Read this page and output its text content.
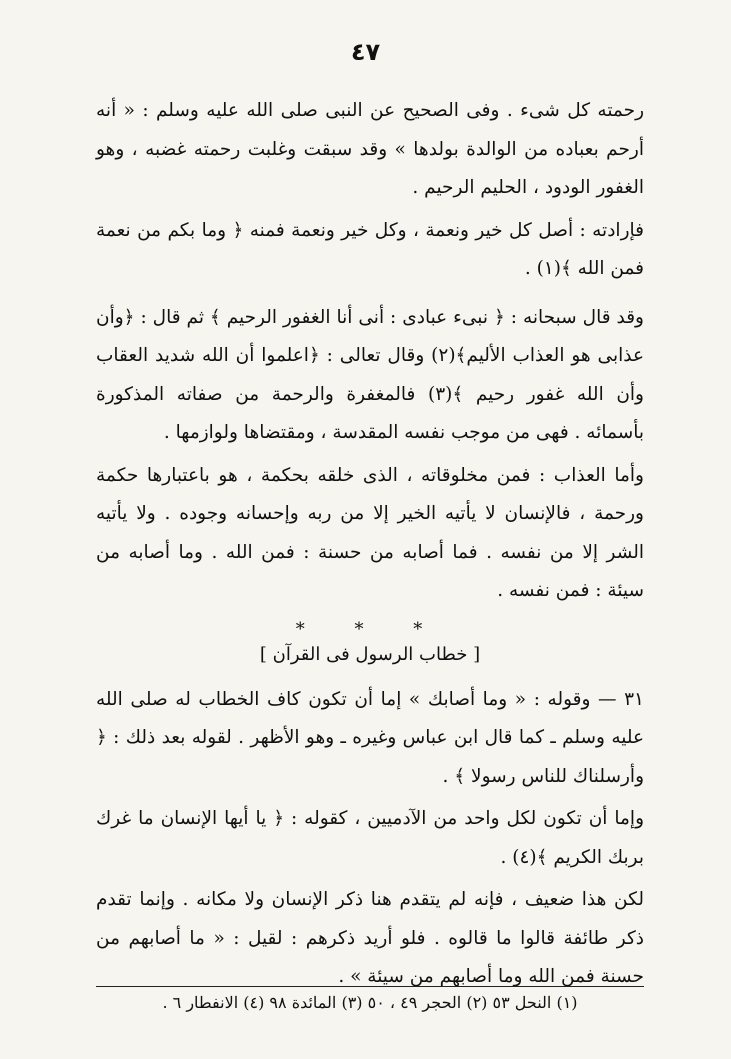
٤٧

رحمته كل شىء . وفى الصحيح عن النبى صلى الله عليه وسلم : « أنه أرحم بعباده من الوالدة بولدها » وقد سبقت وغلبت رحمته غضبه ، وهو الغفور الودود ، الحليم الرحيم .

فإرادته : أصل كل خير ونعمة ، وكل خير ونعمة فمنه ﴿ وما بكم من نعمة فمن الله ﴾(١) .

وقد قال سبحانه : ﴿ نبىء عبادى : أنى أنا الغفور الرحيم ﴾ ثم قال : ﴿وأن عذابى هو العذاب الأليم﴾(٢) وقال تعالى : ﴿اعلموا أن الله شديد العقاب وأن الله غفور رحيم ﴾(٣) فالمغفرة والرحمة من صفاته المذكورة بأسمائه . فهى من موجب نفسه المقدسة ، ومقتضاها ولوازمها .

وأما العذاب : فمن مخلوقاته ، الذى خلقه بحكمة ، هو باعتبارها حكمة ورحمة ، فالإنسان لا يأتيه الخير إلا من ربه وإحسانه وجوده . ولا يأتيه الشر إلا من نفسه . فما أصابه من حسنة : فمن الله . وما أصابه من سيئة : فمن نفسه .

* * *
[ خطاب الرسول فى القرآن ]

٣١ — وقوله : « وما أصابك » إما أن تكون كاف الخطاب له صلى الله عليه وسلم ـ كما قال ابن عباس وغيره ـ وهو الأظهر . لقوله بعد ذلك : ﴿ وأرسلناك للناس رسولا ﴾ .

وإما أن تكون لكل واحد من الآدميين ، كقوله : ﴿ يا أيها الإنسان ما غرك بربك الكريم ﴾(٤) .

لكن هذا ضعيف ، فإنه لم يتقدم هنا ذكر الإنسان ولا مكانه . وإنما تقدم ذكر طائفة قالوا ما قالوه . فلو أريد ذكرهم : لقيل : « ما أصابهم من حسنة فمن الله وما أصابهم من سيئة » .

(١) النحل ٥٣ (٢) الحجر ٤٩ ، ٥٠ (٣) المائدة ٩٨ (٤) الانفطار ٦ .
